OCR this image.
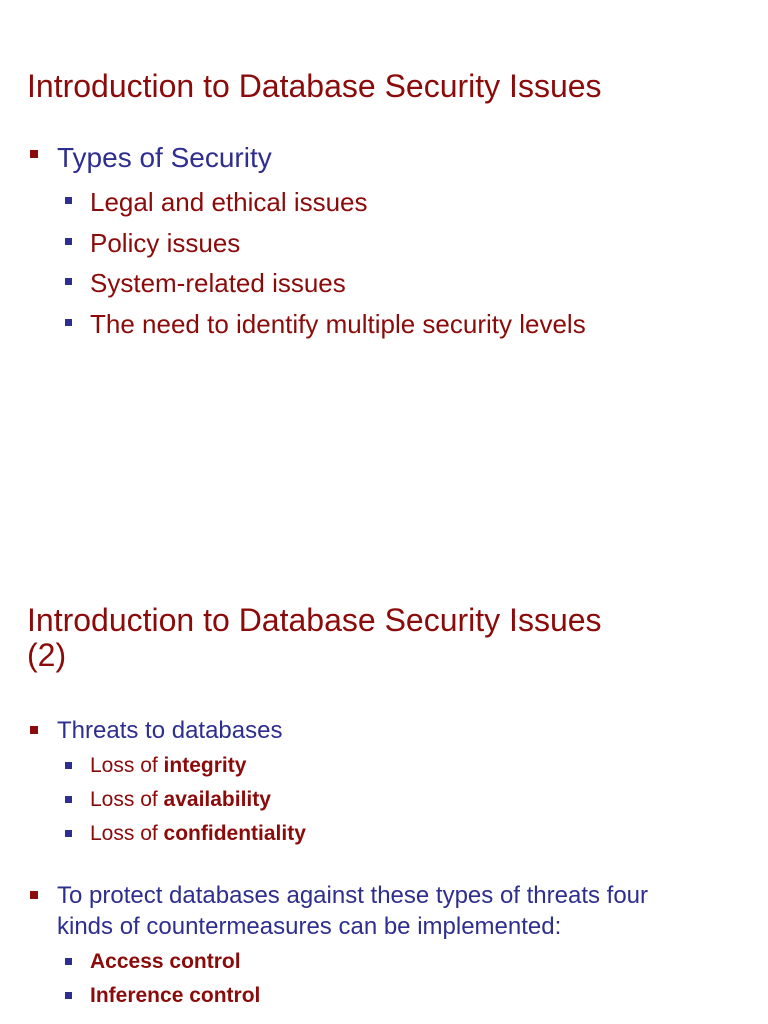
Introduction to Database Security Issues
Types of Security
Legal and ethical issues
Policy issues
System-related issues
The need to identify multiple security levels
Introduction to Database Security Issues
(2)
Threats to databases
Loss of integrity
Loss of availability
Loss of confidentiality
To protect databases against these types of threats four
kinds of countermeasures can be implemented:
Access control
Inference control
